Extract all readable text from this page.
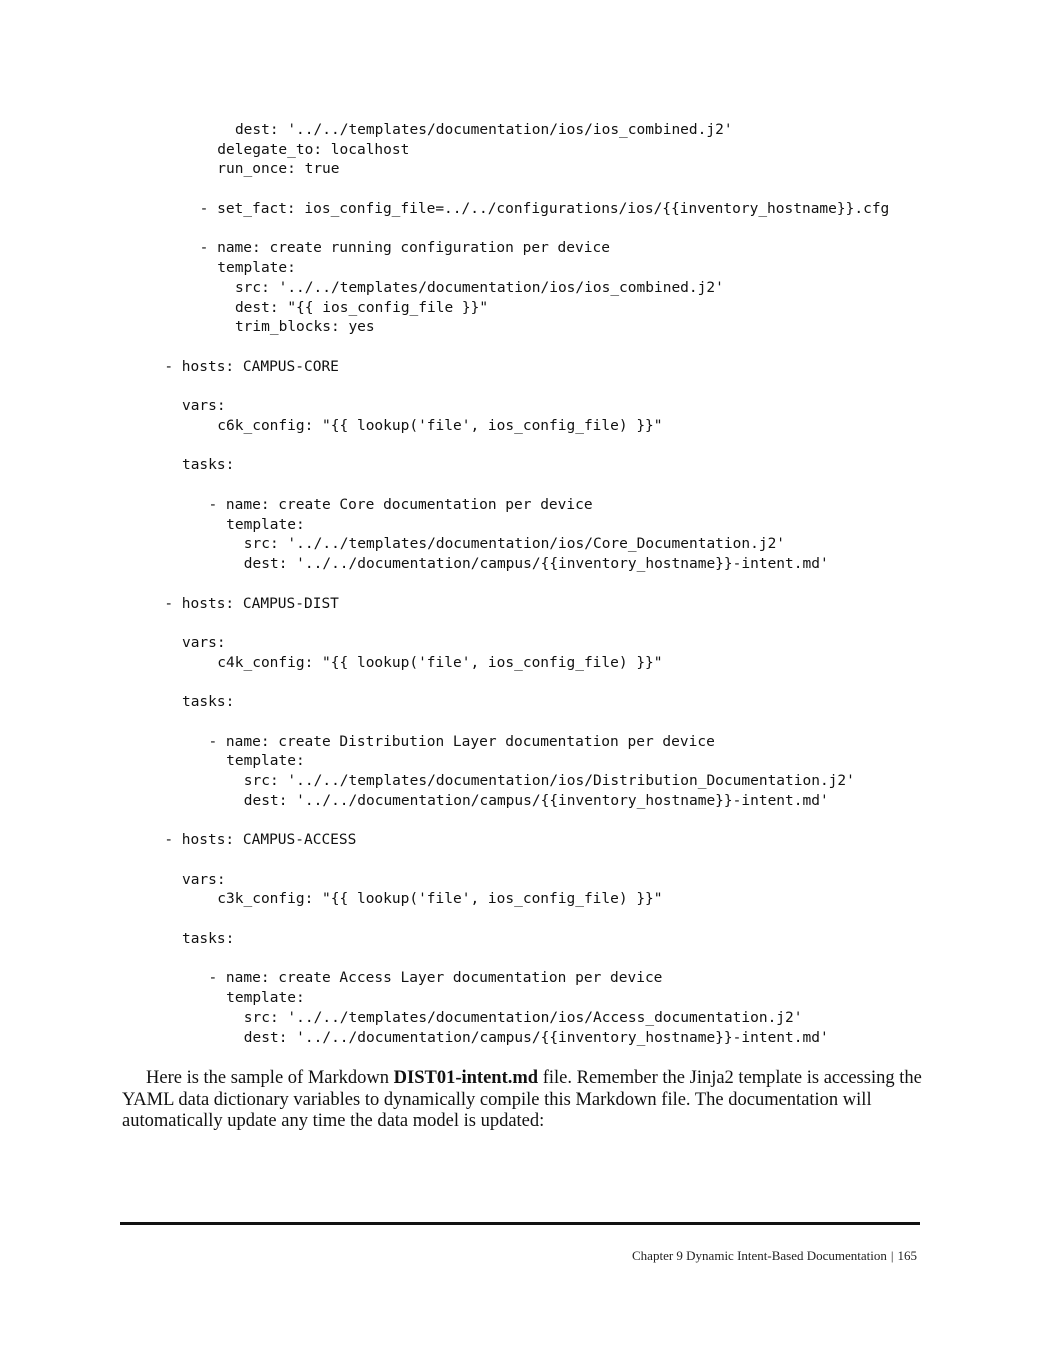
dest: '../../templates/documentation/ios/ios_combined.j2'
delegate_to: localhost
run_once: true
- set_fact: ios_config_file=../../configurations/ios/{{inventory_hostname}}.cfg
- name: create running configuration per device
template:
src: '../../templates/documentation/ios/ios_combined.j2'
dest: "{{ ios_config_file }}"
trim_blocks: yes
- hosts: CAMPUS-CORE
vars:
c6k_config: "{{ lookup('file', ios_config_file) }}"
tasks:
- name: create Core documentation per device
template:
src: '../../templates/documentation/ios/Core_Documentation.j2'
dest: '../../documentation/campus/{{inventory_hostname}}-intent.md'
- hosts: CAMPUS-DIST
vars:
c4k_config: "{{ lookup('file', ios_config_file) }}"
tasks:
- name: create Distribution Layer documentation per device
template:
src: '../../templates/documentation/ios/Distribution_Documentation.j2'
dest: '../../documentation/campus/{{inventory_hostname}}-intent.md'
- hosts: CAMPUS-ACCESS
vars:
c3k_config: "{{ lookup('file', ios_config_file) }}"
tasks:
- name: create Access Layer documentation per device
template:
src: '../../templates/documentation/ios/Access_documentation.j2'
dest: '../../documentation/campus/{{inventory_hostname}}-intent.md'
Here is the sample of Markdown DIST01-intent.md file. Remember the Jinja2 template is accessing the YAML data dictionary variables to dynamically compile this Markdown file. The documentation will automatically update any time the data model is updated:
Chapter 9 Dynamic Intent-Based Documentation | 165
